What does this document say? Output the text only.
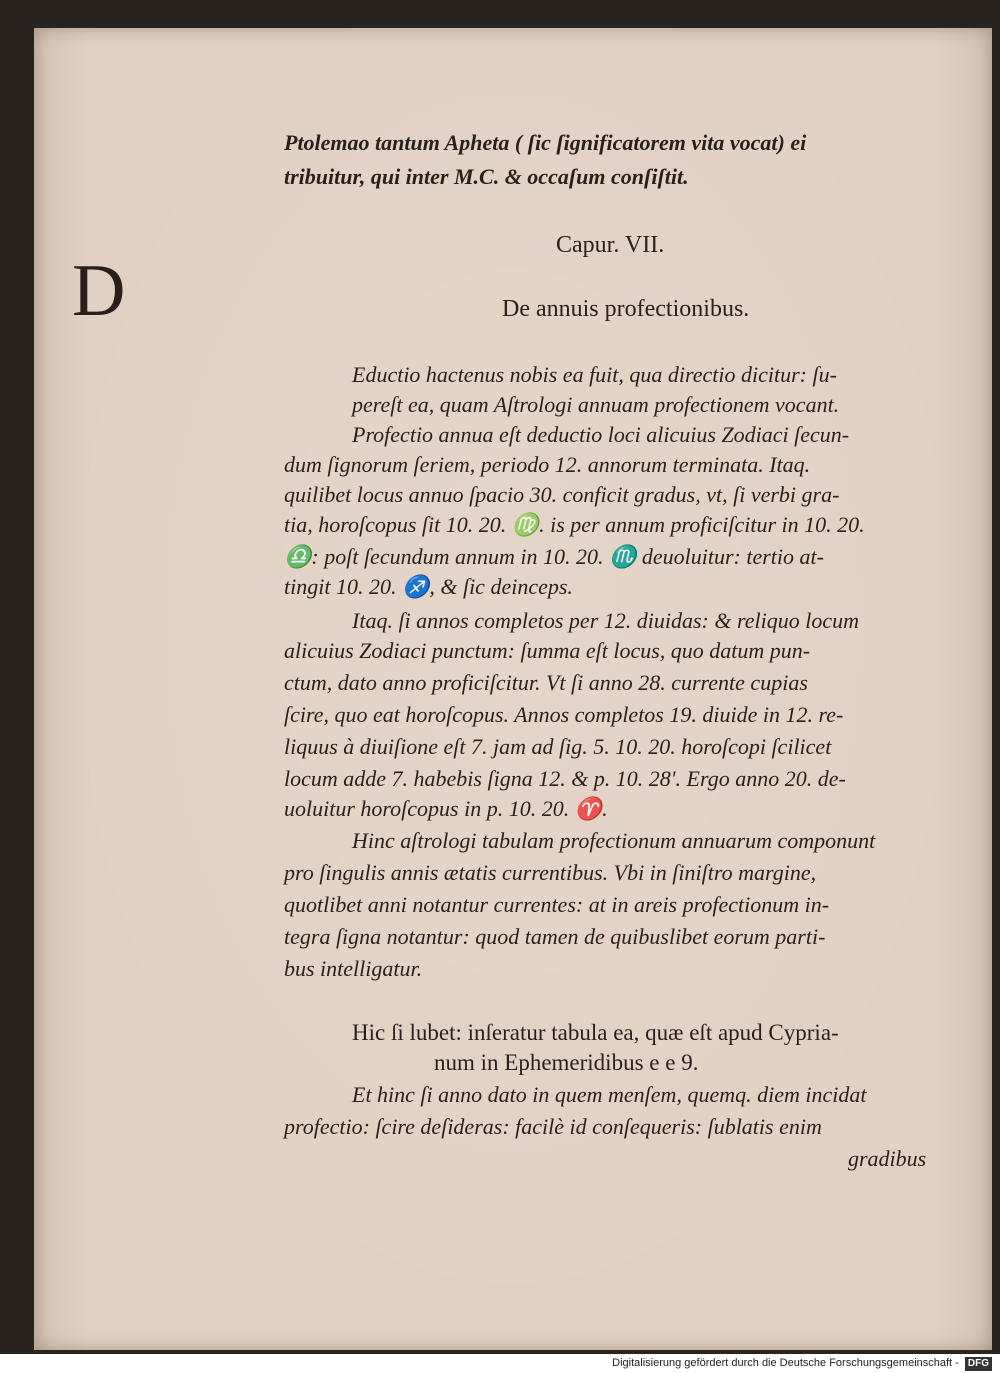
D
Ptolemao tantum Apheta ( ſic ſignificatorem vita vocat) ei
tribuitur, qui inter M.C. & occaſum conſiſtit.
Capur. VII.
De annuis profectionibus.
Eductio hactenus nobis ea fuit, qua directio dicitur: ſu-
pereſt ea, quam Aſtrologi annuam profectionem vocant.
Profectio annua eſt deductio loci alicuius Zodiaci ſecun-
dum ſignorum ſeriem, periodo 12. annorum terminata. Itaq.
quilibet locus annuo ſpacio 30. conficit gradus, vt, ſi verbi gra-
tia, horoſcopus ſit 10. 20. ♍. is per annum proficiſcitur in 10. 20.
♎: poſt ſecundum annum in 10. 20. ♏ deuoluitur: tertio at-
tingit 10. 20. ♐, & ſic deinceps.
Itaq. ſi annos completos per 12. diuidas: & reliquo locum
alicuius Zodiaci punctum: ſumma eſt locus, quo datum pun-
ctum, dato anno proficiſcitur. Vt ſi anno 28. currente cupias
ſcire, quo eat horoſcopus. Annos completos 19. diuide in 12. re-
liquus à diuiſione eſt 7. jam ad ſig. 5. 10. 20. horoſcopi ſcilicet
locum adde 7. habebis ſigna 12. & p. 10. 28'. Ergo anno 20. de-
uoluitur horoſcopus in p. 10. 20. ♈.
Hinc aſtrologi tabulam profectionum annuarum componunt
pro ſingulis annis ætatis currentibus. Vbi in ſiniſtro margine,
quotlibet anni notantur currentes: at in areis profectionum in-
tegra ſigna notantur: quod tamen de quibuslibet eorum parti-
bus intelligatur.
Hic ſi lubet: inſeratur tabula ea, quæ eſt apud Cypria-
num in Ephemeridibus e e 9.
Et hinc ſi anno dato in quem menſem, quemq. diem incidat
profectio: ſcire deſideras: facilè id conſequeris: ſublatis enim
gradibus
Digitalisierung gefördert durch die Deutsche Forschungsgemeinschaft - DFG
